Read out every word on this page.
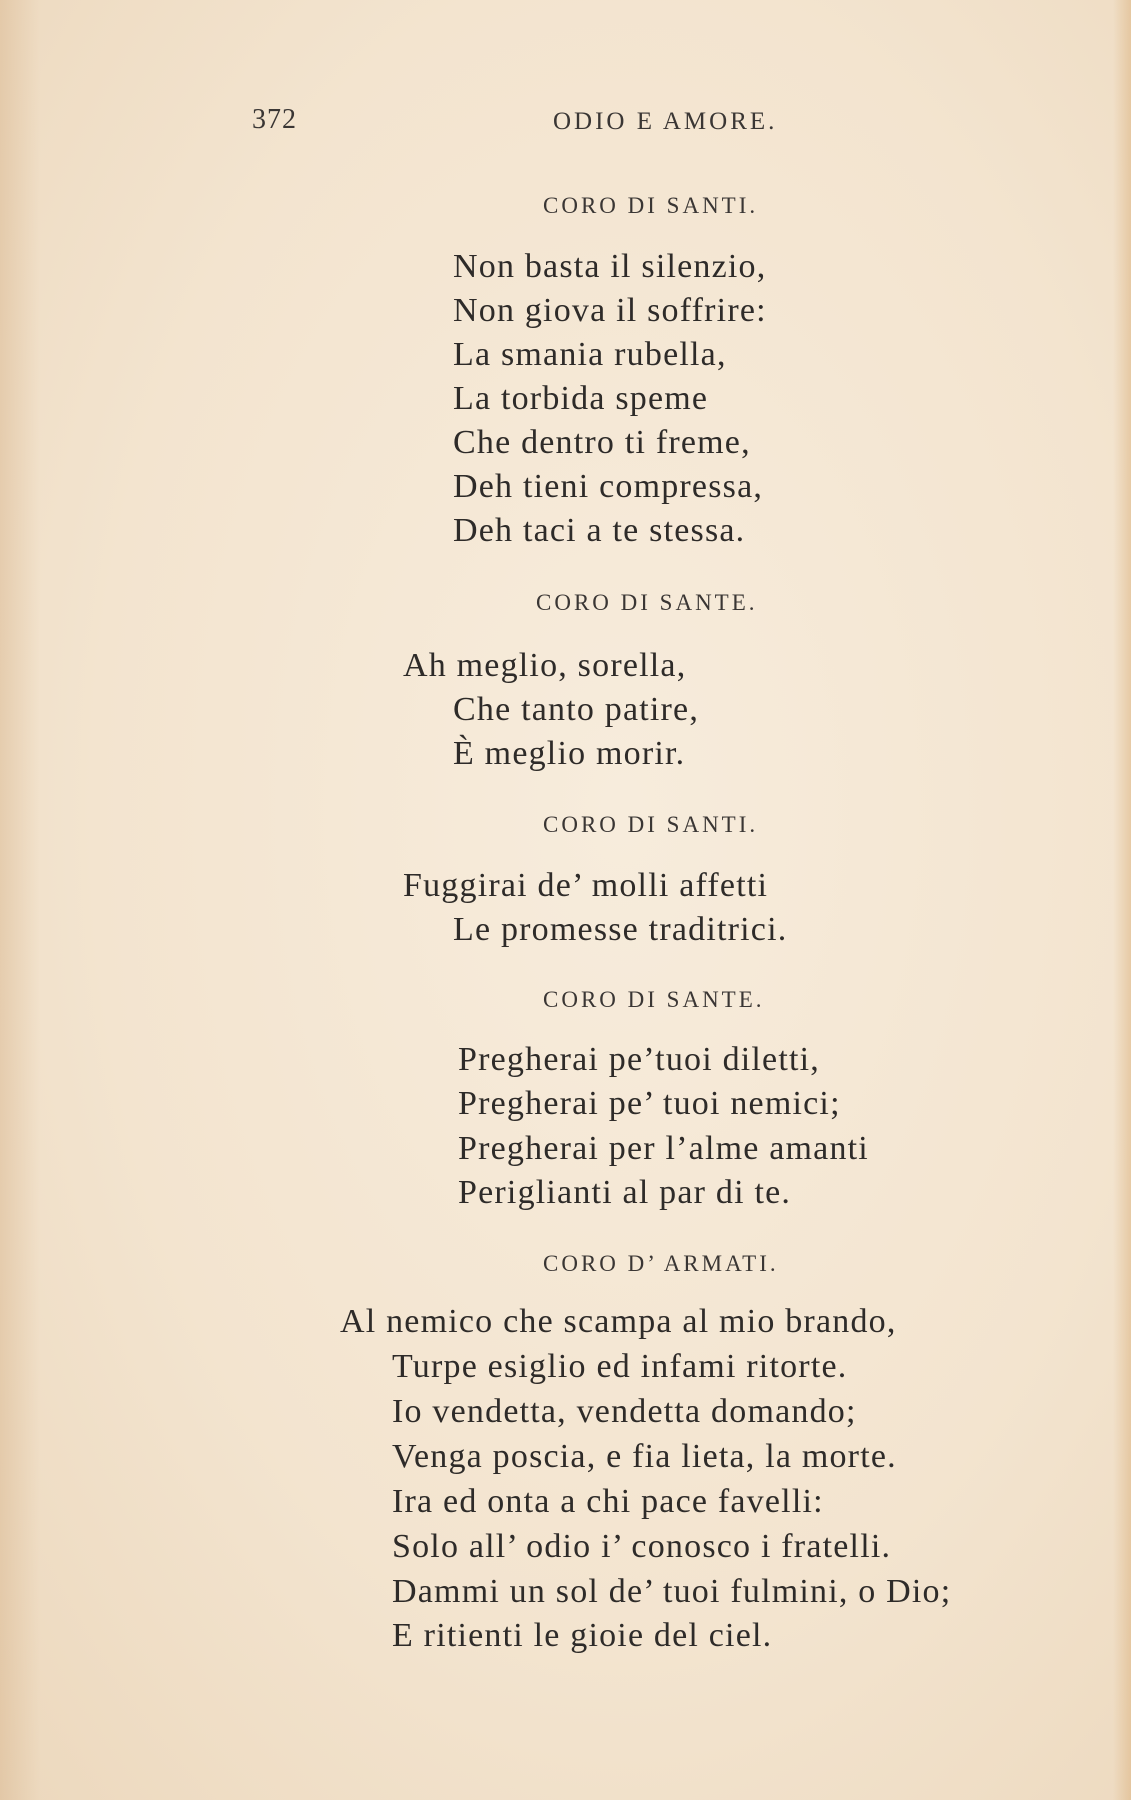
372	ODIO E AMORE.
CORO DI SANTI.
Non basta il silenzio,
Non giova il soffrire:
La smania rubella,
La torbida speme
Che dentro ti freme,
Deh tieni compressa,
Deh taci a te stessa.
CORO DI SANTE.
Ah meglio, sorella,
Che tanto patire,
È meglio morir.
CORO DI SANTI.
Fuggirai de’ molli affetti
Le promesse traditrici.
CORO DI SANTE.
Pregherai pe’tuoi diletti,
Pregherai pe’ tuoi nemici;
Pregherai per l’alme amanti
Periglianti al par di te.
CORO D’ ARMATI.
Al nemico che scampa al mio brando,
Turpe esiglio ed infami ritorte.
Io vendetta, vendetta domando;
Venga poscia, e fia lieta, la morte.
Ira ed onta a chi pace favelli:
Solo all’ odio i’ conosco i fratelli.
Dammi un sol de’ tuoi fulmini, o Dio;
E ritienti le gioie del ciel.
